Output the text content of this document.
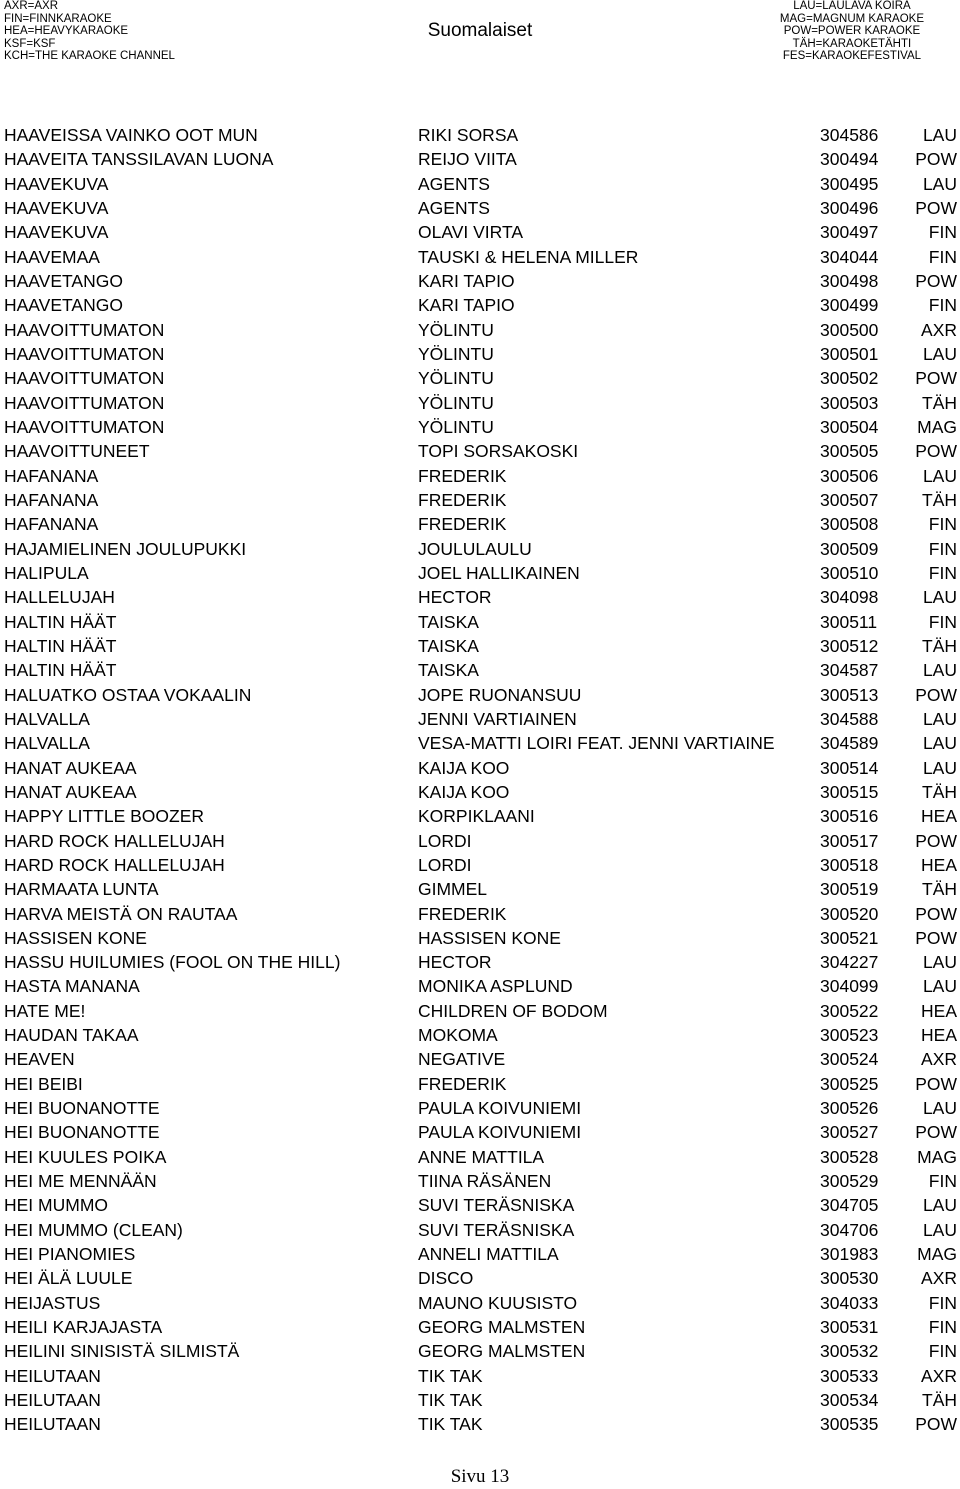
AXR=AXR
FIN=FINNKARAOKE
HEA=HEAVYKARAOKE
KSF=KSF
KCH=THE KARAOKE CHANNEL
Suomalaiset
LAU=LAULAVA KOIRA
MAG=MAGNUM KARAOKE
POW=POWER KARAOKE
TÄH=KARAOKETÄHTI
FES=KARAOKEFESTIVAL
HAAVEISSA VAINKO OOT MUN	RIKI SORSA	304586	LAU
HAAVEITA TANSSILAVAN LUONA	REIJO VIITA	300494 POW
HAAVEKUVA	AGENTS	300495	LAU
HAAVEKUVA	AGENTS	300496 POW
HAAVEKUVA	OLAVI VIRTA	300497	FIN
HAAVEMAA	TAUSKI & HELENA MILLER	304044	FIN
HAAVETANGO	KARI TAPIO	300498 POW
HAAVETANGO	KARI TAPIO	300499	FIN
HAAVOITTUMATON	YÖLINTU	300500 AXR
HAAVOITTUMATON	YÖLINTU	300501	LAU
HAAVOITTUMATON	YÖLINTU	300502 POW
HAAVOITTUMATON	YÖLINTU	300503 TÄH
HAAVOITTUMATON	YÖLINTU	300504 MAG
HAAVOITTUNEET	TOPI SORSAKOSKI	300505 POW
HAFANANA	FREDERIK	300506	LAU
HAFANANA	FREDERIK	300507 TÄH
HAFANANA	FREDERIK	300508	FIN
HAJAMIELINEN JOULUPUKKI	JOULULAULU	300509	FIN
HALIPULA	JOEL HALLIKAINEN	300510	FIN
HALLELUJAH	HECTOR	304098	LAU
HALTIN HÄÄT	TAISKA	300511	FIN
HALTIN HÄÄT	TAISKA	300512 TÄH
HALTIN HÄÄT	TAISKA	304587	LAU
HALUATKO OSTAA VOKAALIN	JOPE RUONANSUU	300513 POW
HALVALLA	JENNI VARTIAINEN	304588	LAU
HALVALLA	VESA-MATTI LOIRI FEAT. JENNI VARTIAINE	304589	LAU
HANAT AUKEAA	KAIJA KOO	300514	LAU
HANAT AUKEAA	KAIJA KOO	300515 TÄH
HAPPY LITTLE BOOZER	KORPIKLAANI	300516 HEA
HARD ROCK HALLELUJAH	LORDI	300517 POW
HARD ROCK HALLELUJAH	LORDI	300518 HEA
HARMAATA LUNTA	GIMMEL	300519 TÄH
HARVA MEISTÄ ON RAUTAA	FREDERIK	300520 POW
HASSISEN KONE	HASSISEN KONE	300521 POW
HASSU HUILUMIES (FOOL ON THE HILL)	HECTOR	304227	LAU
HASTA MANANA	MONIKA ASPLUND	304099	LAU
HATE ME!	CHILDREN OF BODOM	300522 HEA
HAUDAN TAKAA	MOKOMA	300523 HEA
HEAVEN	NEGATIVE	300524 AXR
HEI BEIBI	FREDERIK	300525 POW
HEI BUONANOTTE	PAULA KOIVUNIEMI	300526	LAU
HEI BUONANOTTE	PAULA KOIVUNIEMI	300527 POW
HEI KUULES POIKA	ANNE MATTILA	300528 MAG
HEI ME MENNÄÄN	TIINA RÄSÄNEN	300529	FIN
HEI MUMMO	SUVI TERÄSNISKA	304705	LAU
HEI MUMMO (CLEAN)	SUVI TERÄSNISKA	304706	LAU
HEI PIANOMIES	ANNELI MATTILA	301983 MAG
HEI ÄLÄ LUULE	DISCO	300530 AXR
HEIJASTUS	MAUNO KUUSISTO	304033	FIN
HEILI KARJAJASTA	GEORG MALMSTEN	300531	FIN
HEILINI SINISISTÄ SILMISTÄ	GEORG MALMSTEN	300532	FIN
HEILUTAAN	TIK TAK	300533 AXR
HEILUTAAN	TIK TAK	300534 TÄH
HEILUTAAN	TIK TAK	300535 POW
Sivu 13
